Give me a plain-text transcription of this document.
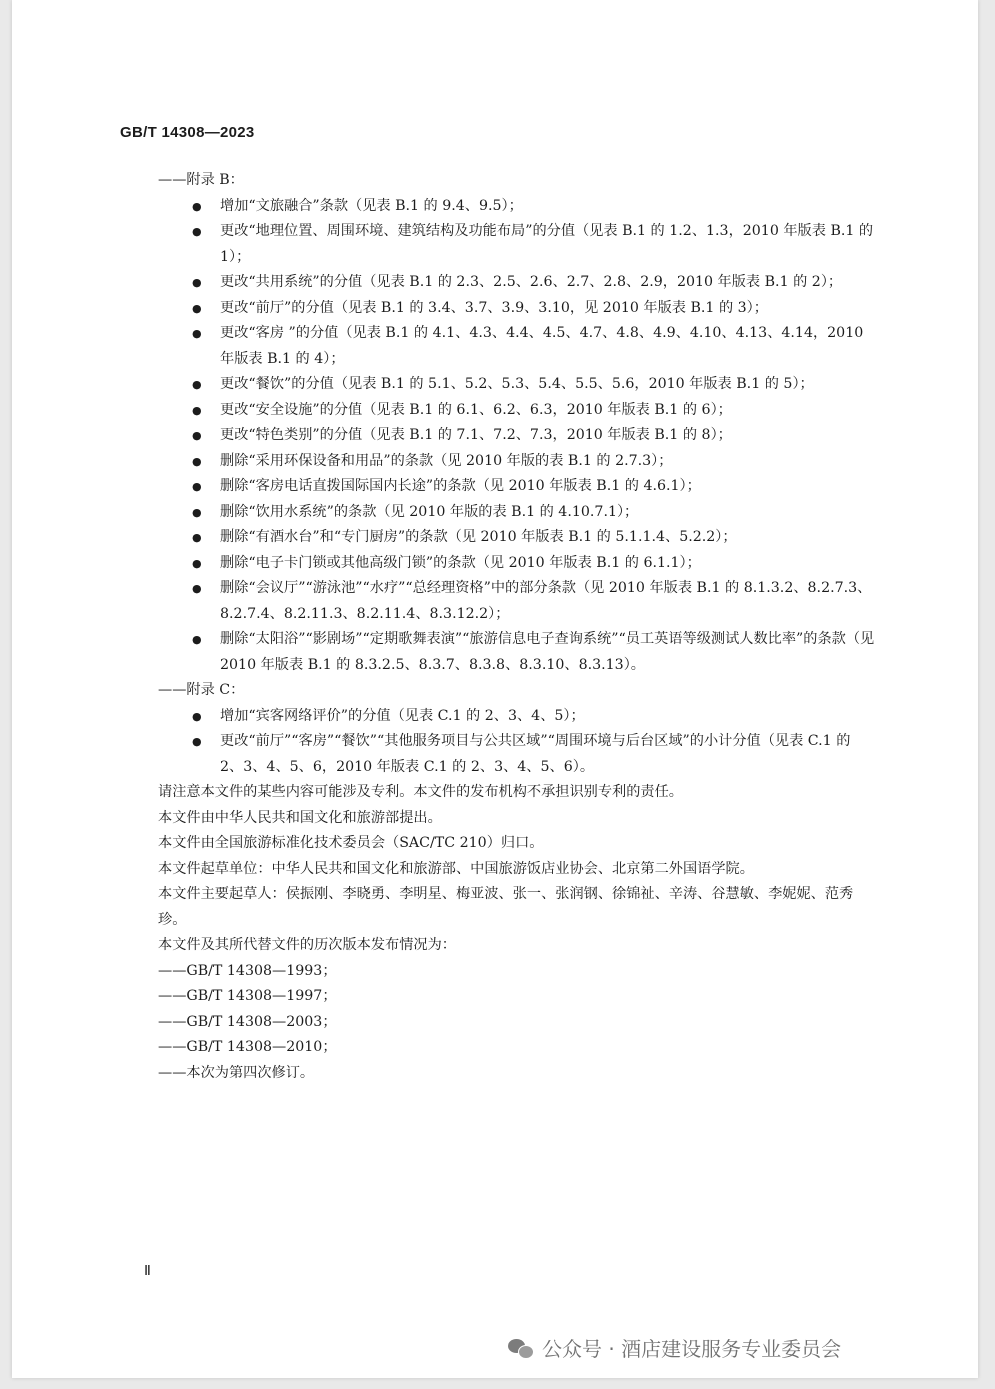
GB/T 14308—2023
——附录 B：
● 增加“文旅融合”条款（见表 B.1 的 9.4、9.5）；
● 更改“地理位置、周围环境、建筑结构及功能布局”的分值（见表 B.1 的 1.2、1.3，2010 年版表 B.1 的 1）；
● 更改“共用系统”的分值（见表 B.1 的 2.3、2.5、2.6、2.7、2.8、2.9，2010 年版表 B.1 的 2）；
● 更改“前厅”的分值（见表 B.1 的 3.4、3.7、3.9、3.10，见 2010 年版表 B.1 的 3）；
● 更改“客房 ”的分值（见表 B.1 的 4.1、4.3、4.4、4.5、4.7、4.8、4.9、4.10、4.13、4.14，2010 年版表 B.1 的 4）；
● 更改“餐饮”的分值（见表 B.1 的 5.1、5.2、5.3、5.4、5.5、5.6，2010 年版表 B.1 的 5）；
● 更改“安全设施”的分值（见表 B.1 的 6.1、6.2、6.3，2010 年版表 B.1 的 6）；
● 更改“特色类别”的分值（见表 B.1 的 7.1、7.2、7.3，2010 年版表 B.1 的 8）；
● 删除“采用环保设备和用品”的条款（见 2010 年版的表 B.1 的 2.7.3）；
● 删除“客房电话直拨国际国内长途”的条款（见 2010 年版表 B.1 的 4.6.1）；
● 删除“饮用水系统”的条款（见 2010 年版的表 B.1 的 4.10.7.1）；
● 删除“有酒水台”和“专门厨房”的条款（见 2010 年版表 B.1 的 5.1.1.4、5.2.2）；
● 删除“电子卡门锁或其他高级门锁”的条款（见 2010 年版表 B.1 的 6.1.1）；
● 删除“会议厅”“游泳池”“水疗”“总经理资格”中的部分条款（见 2010 年版表 B.1 的 8.1.3.2、8.2.7.3、8.2.7.4、8.2.11.3、8.2.11.4、8.3.12.2）；
● 删除“太阳浴”“影剧场”“定期歌舞表演”“旅游信息电子查询系统”“员工英语等级测试人数比率”的条款（见 2010 年版表 B.1 的 8.3.2.5、8.3.7、8.3.8、8.3.10、8.3.13）。
——附录 C：
● 增加“宾客网络评价”的分值（见表 C.1 的 2、3、4、5）；
● 更改“前厅”“客房”“餐饮”“其他服务项目与公共区域”“周围环境与后台区域”的小计分值（见表 C.1 的 2、3、4、5、6，2010 年版表 C.1 的 2、3、4、5、6）。
请注意本文件的某些内容可能涉及专利。本文件的发布机构不承担识别专利的责任。
本文件由中华人民共和国文化和旅游部提出。
本文件由全国旅游标准化技术委员会（SAC/TC 210）归口。
本文件起草单位：中华人民共和国文化和旅游部、中国旅游饭店业协会、北京第二外国语学院。
本文件主要起草人：侯振刚、李晓勇、李明星、梅亚波、张一、张润钢、徐锦祉、辛涛、谷慧敏、李妮妮、范秀珍。
本文件及其所代替文件的历次版本发布情况为：
——GB/T 14308—1993；
——GB/T 14308—1997；
——GB/T 14308—2003；
——GB/T 14308—2010；
——本次为第四次修订。
Ⅱ
公众号 · 酒店建设服务专业委员会
